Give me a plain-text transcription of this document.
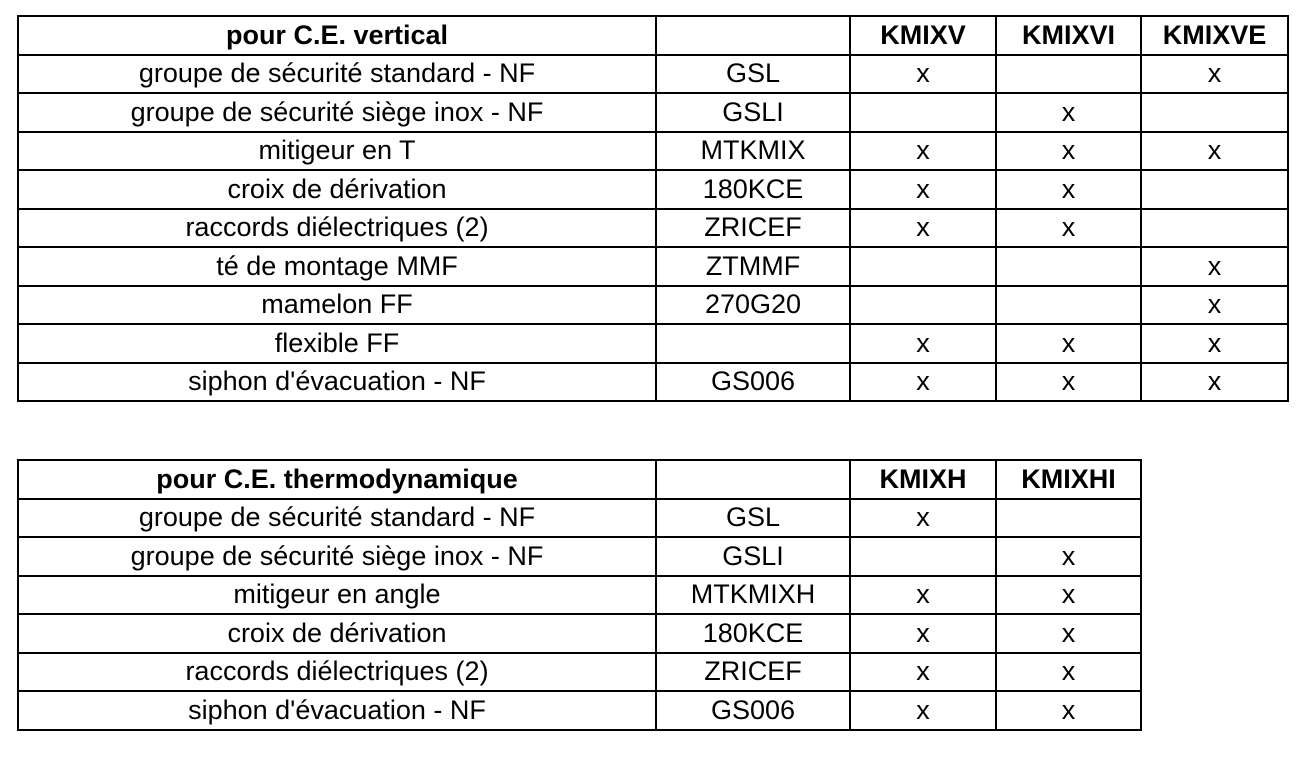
pour C.E. vertical		KMIXV	KMIXVI	KMIXVE
groupe de sécurité standard - NF	GSL	x		x
groupe de sécurité siège inox - NF	GSLI		x	
mitigeur en T	MTKMIX	x	x	x
croix de dérivation	180KCE	x	x	
raccords diélectriques (2)	ZRICEF	x	x	
té de montage MMF	ZTMMF			x
mamelon FF	270G20			x
flexible FF		x	x	x
siphon d'évacuation - NF	GS006	x	x	x
pour C.E. thermodynamique		KMIXH	KMIXHI
groupe de sécurité standard - NF	GSL	x	
groupe de sécurité siège inox - NF	GSLI		x
mitigeur en angle	MTKMIXH	x	x
croix de dérivation	180KCE	x	x
raccords diélectriques (2)	ZRICEF	x	x
siphon d'évacuation - NF	GS006	x	x
